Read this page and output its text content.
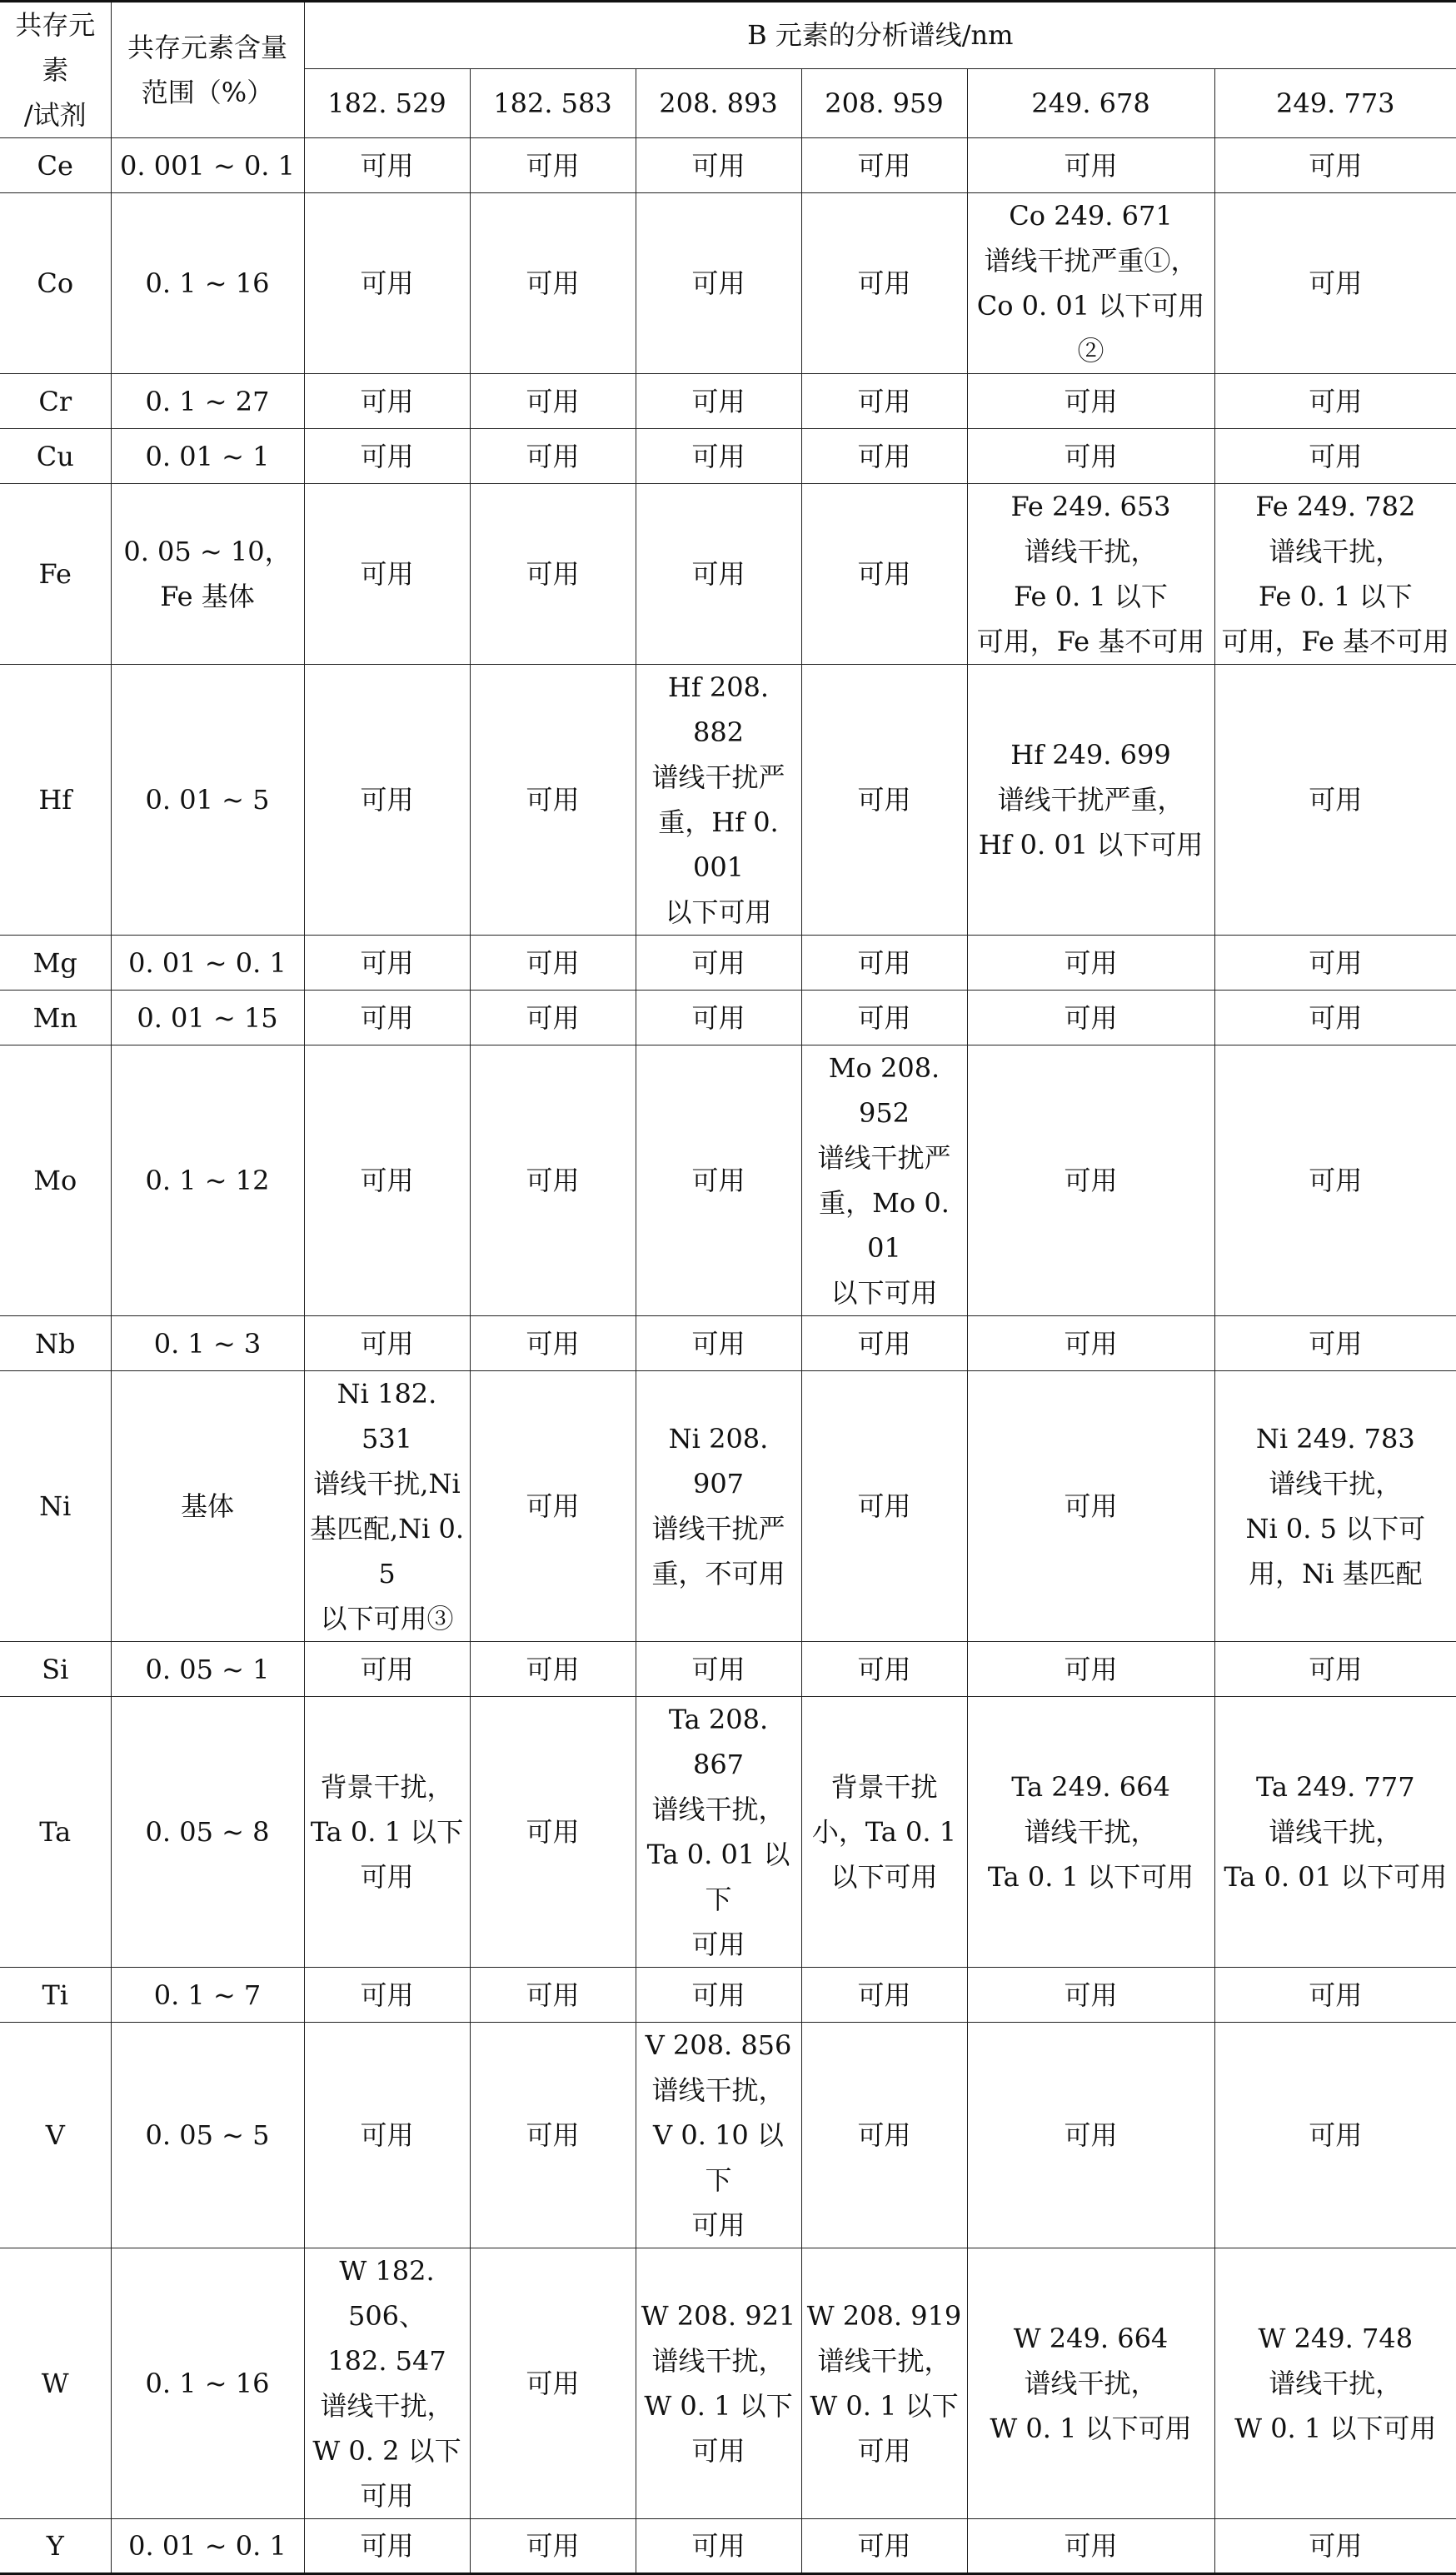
共存元素
/试剂	共存元素含量
范围（%）	B 元素的分析谱线/nm					
		182. 529	182. 583	208. 893	208. 959	249. 678	249. 773
Ce	0. 001 ~ 0. 1	可用	可用	可用	可用	可用	可用
Co	0. 1 ~ 16	可用	可用	可用	可用	Co 249. 671
谱线干扰严重①，
Co 0. 01 以下可用②	可用
Cr	0. 1 ~ 27	可用	可用	可用	可用	可用	可用
Cu	0. 01 ~ 1	可用	可用	可用	可用	可用	可用
Fe	0. 05 ~ 10，
Fe 基体	可用	可用	可用	可用	Fe 249. 653
谱线干扰，
Fe 0. 1 以下
可用，Fe 基不可用	Fe 249. 782
谱线干扰，
Fe 0. 1 以下
可用，Fe 基不可用
Hf	0. 01 ~ 5	可用	可用	Hf 208. 882
谱线干扰严
重，Hf 0. 001
以下可用	可用	Hf 249. 699
谱线干扰严重，
Hf 0. 01 以下可用	可用
Mg	0. 01 ~ 0. 1	可用	可用	可用	可用	可用	可用
Mn	0. 01 ~ 15	可用	可用	可用	可用	可用	可用
Mo	0. 1 ~ 12	可用	可用	可用	Mo 208. 952
谱线干扰严
重，Mo 0. 01
以下可用	可用	可用
Nb	0. 1 ~ 3	可用	可用	可用	可用	可用	可用
Ni	基体	Ni 182. 531
谱线干扰,Ni
基匹配,Ni 0. 5
以下可用③	可用	Ni 208. 907
谱线干扰严
重，不可用	可用	可用	Ni 249. 783
谱线干扰，
Ni 0. 5 以下可
用，Ni 基匹配
Si	0. 05 ~ 1	可用	可用	可用	可用	可用	可用
Ta	0. 05 ~ 8	背景干扰，
Ta 0. 1 以下
可用	可用	Ta 208. 867
谱线干扰，
Ta 0. 01 以下
可用	背景干扰
小，Ta 0. 1
以下可用	Ta 249. 664
谱线干扰，
Ta 0. 1 以下可用	Ta 249. 777
谱线干扰，
Ta 0. 01 以下可用
Ti	0. 1 ~ 7	可用	可用	可用	可用	可用	可用
V	0. 05 ~ 5	可用	可用	V 208. 856
谱线干扰，
V 0. 10 以下
可用	可用	可用	可用
W	0. 1 ~ 16	W 182. 506、
182. 547
谱线干扰，
W 0. 2 以下
可用	可用	W 208. 921
谱线干扰，
W 0. 1 以下
可用	W 208. 919
谱线干扰，
W 0. 1 以下
可用	W 249. 664
谱线干扰，
W 0. 1 以下可用	W 249. 748
谱线干扰，
W 0. 1 以下可用
Y	0. 01 ~ 0. 1	可用	可用	可用	可用	可用	可用
